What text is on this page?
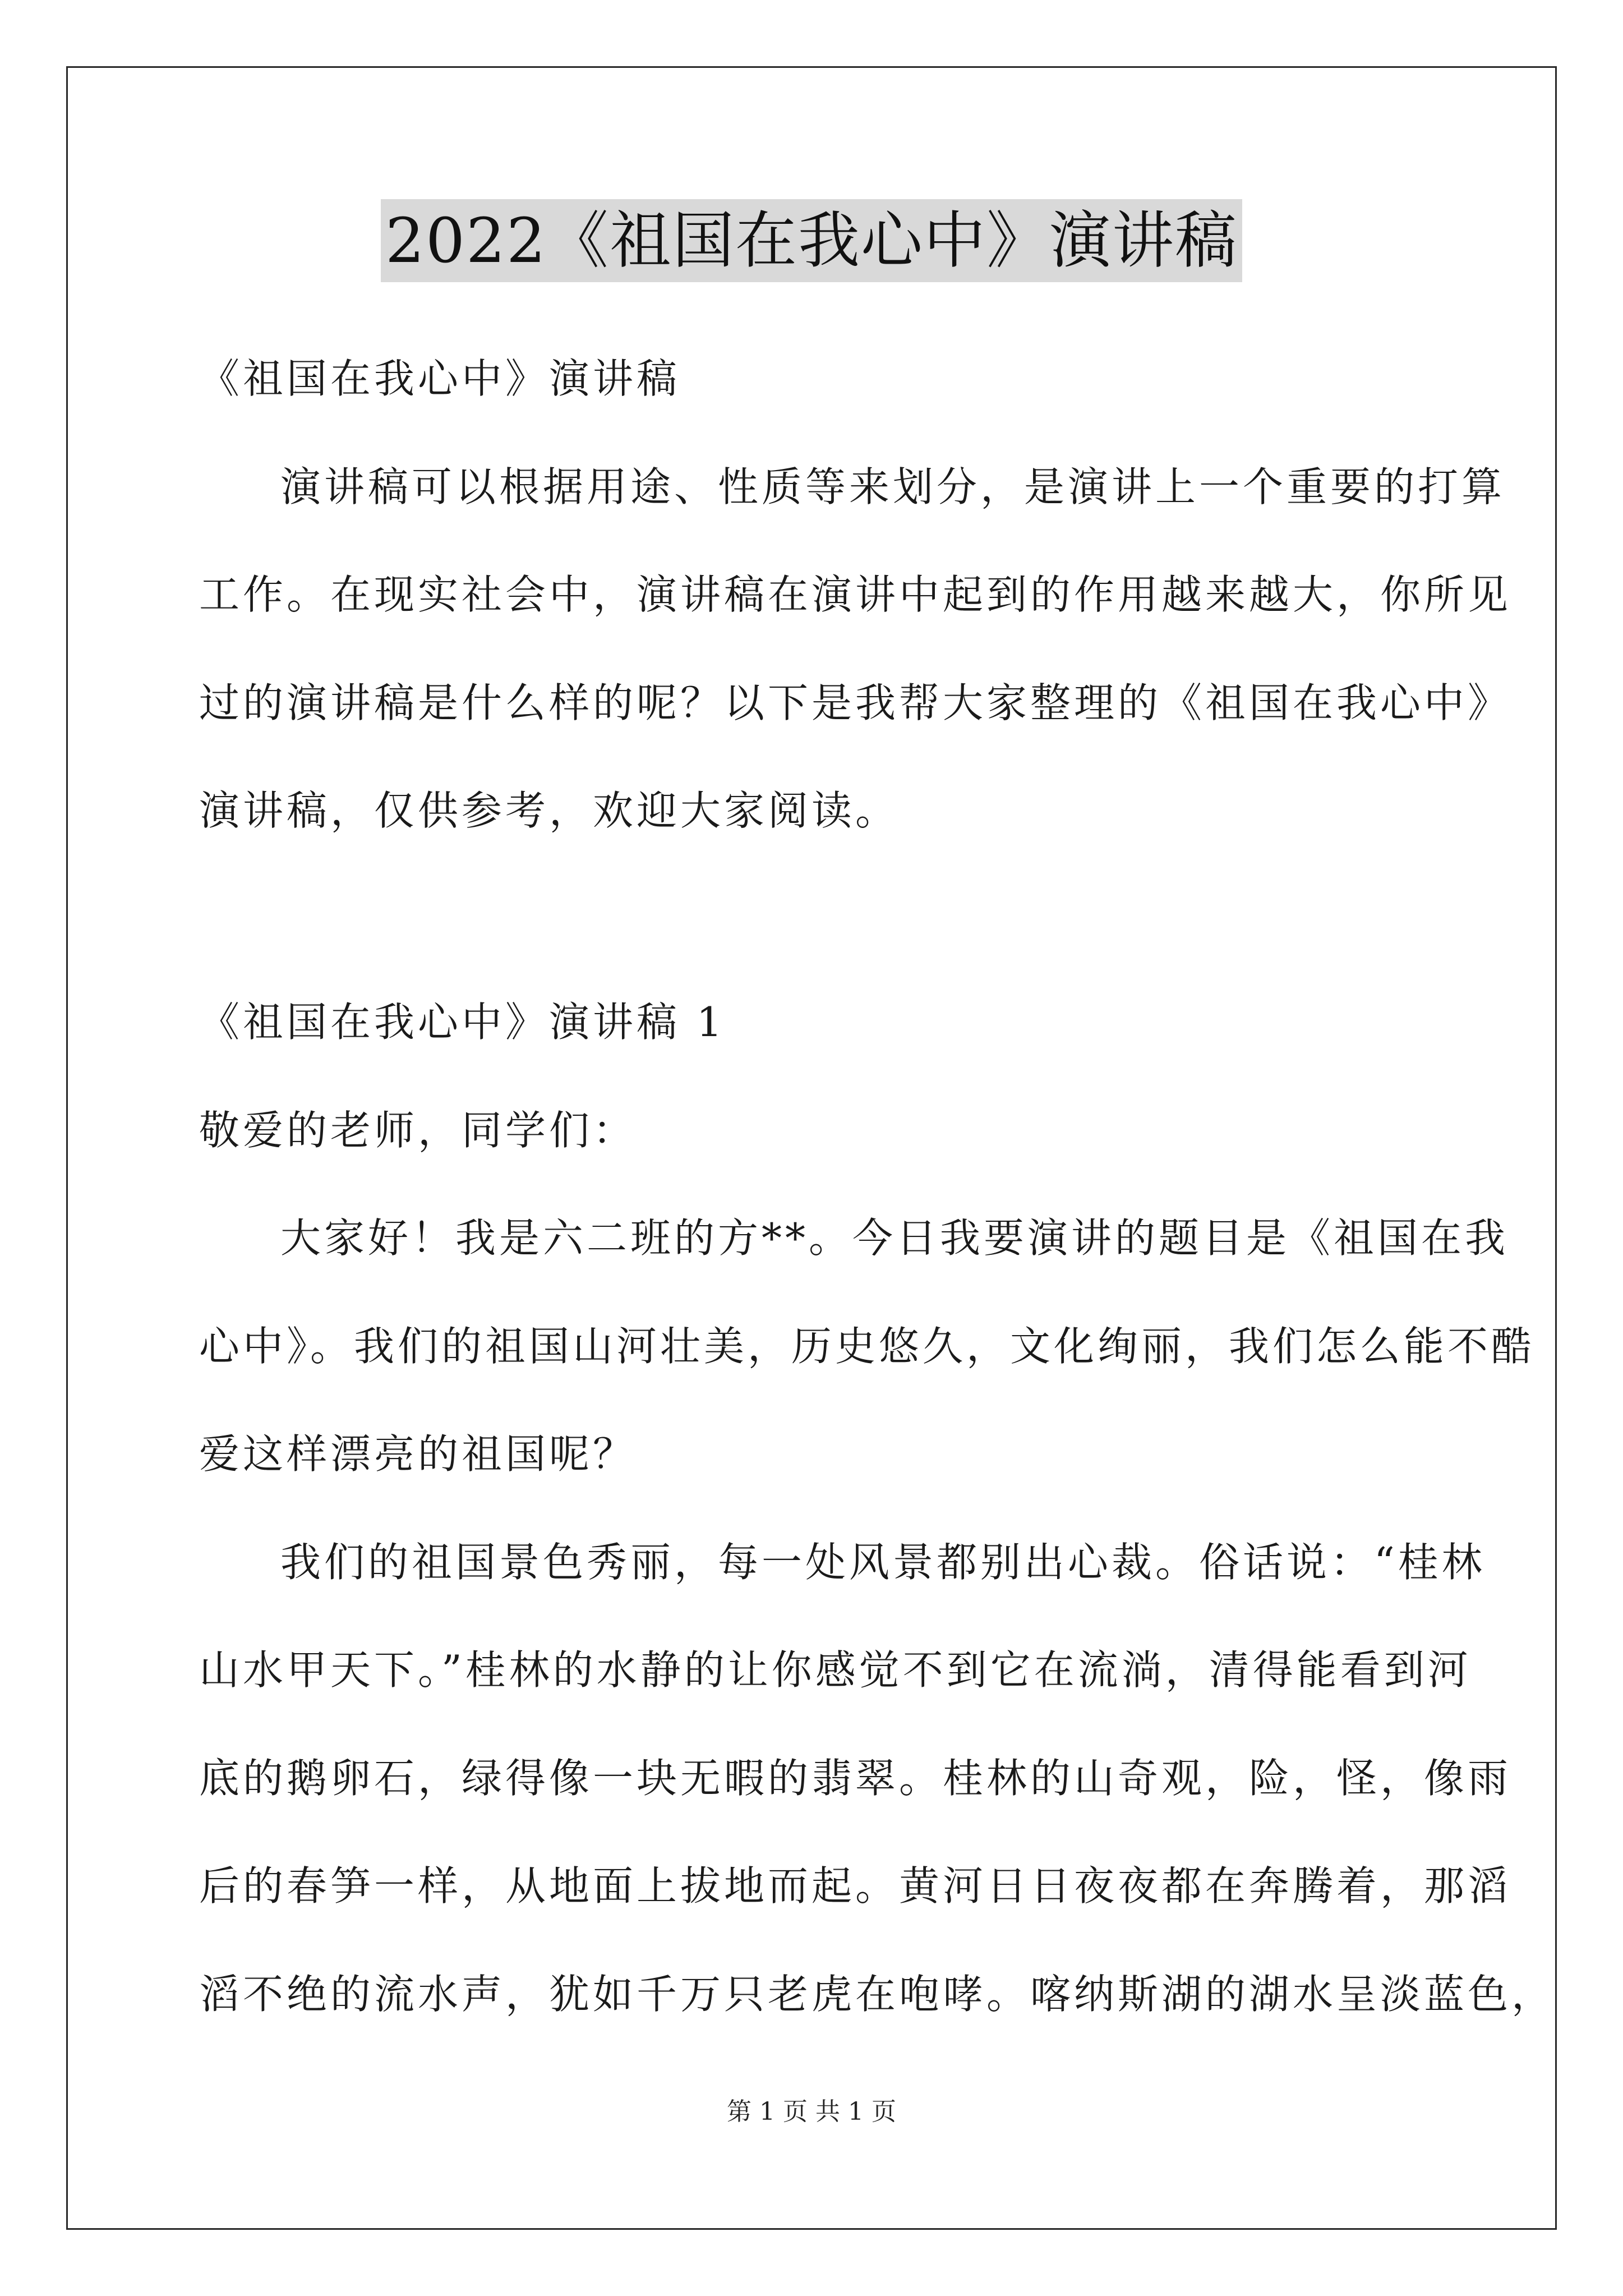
2022《祖国在我心中》演讲稿
《祖国在我心中》演讲稿
演讲稿可以根据用途、性质等来划分，是演讲上一个重要的打算
工作。在现实社会中，演讲稿在演讲中起到的作用越来越大，你所见
过的演讲稿是什么样的呢？以下是我帮大家整理的《祖国在我心中》
演讲稿，仅供参考，欢迎大家阅读。
《祖国在我心中》演讲稿 1
敬爱的老师，同学们：
大家好！我是六二班的方**。今日我要演讲的题目是《祖国在我
心中》。我们的祖国山河壮美，历史悠久，文化绚丽，我们怎么能不酷
爱这样漂亮的祖国呢？
我们的祖国景色秀丽，每一处风景都别出心裁。俗话说：“桂林
山水甲天下。”桂林的水静的让你感觉不到它在流淌，清得能看到河
底的鹅卵石，绿得像一块无暇的翡翠。桂林的山奇观，险，怪，像雨
后的春笋一样，从地面上拔地而起。黄河日日夜夜都在奔腾着，那滔
滔不绝的流水声，犹如千万只老虎在咆哮。喀纳斯湖的湖水呈淡蓝色，
第 1 页 共 1 页
